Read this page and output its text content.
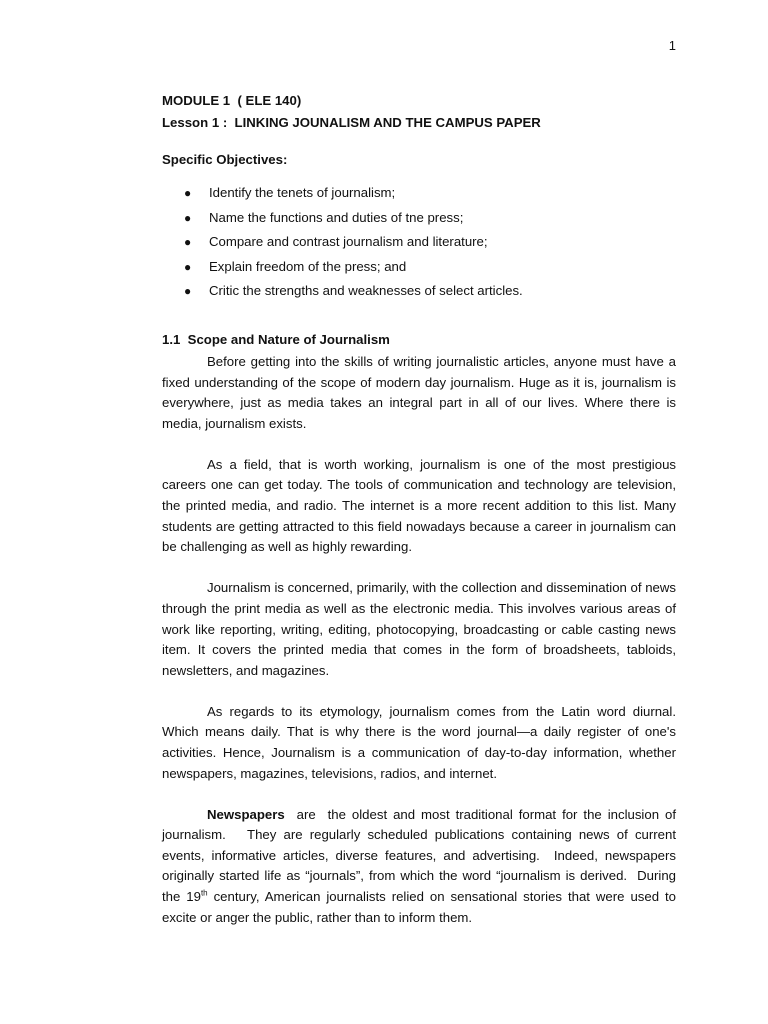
1
MODULE 1  ( ELE 140)
Lesson 1 :  LINKING JOUNALISM AND THE CAMPUS PAPER
Specific Objectives:
● Identify the tenets of journalism;
● Name the functions and duties of tne press;
● Compare and contrast journalism and literature;
● Explain freedom of the press; and
● Critic the strengths and weaknesses of select articles.
1.1  Scope and Nature of Journalism

Before getting into the skills of writing journalistic articles, anyone must have a fixed understanding of the scope of modern day journalism. Huge as it is, journalism is everywhere, just as media takes an integral part in all of our lives. Where there is media, journalism exists.

As a field, that is worth working, journalism is one of the most prestigious careers one can get today. The tools of communication and technology are television, the printed media, and radio. The internet is a more recent addition to this list. Many students are getting attracted to this field nowadays because a career in journalism can be challenging as well as highly rewarding.

Journalism is concerned, primarily, with the collection and dissemination of news through the print media as well as the electronic media. This involves various areas of work like reporting, writing, editing, photocopying, broadcasting or cable casting news item. It covers the printed media that comes in the form of broadsheets, tabloids, newsletters, and magazines.

As regards to its etymology, journalism comes from the Latin word diurnal. Which means daily. That is why there is the word journal—a daily register of one's activities. Hence, Journalism is a communication of day-to-day information, whether newspapers, magazines, televisions, radios, and internet.

Newspapers  are  the oldest and most traditional format for the inclusion of journalism.   They are regularly scheduled publications containing news of current events, informative articles, diverse features, and advertising.  Indeed, newspapers originally started life as “journals”, from which the word “journalism is derived.  During the 19th century, American journalists relied on sensational stories that were used to excite or anger the public, rather than to inform them.
